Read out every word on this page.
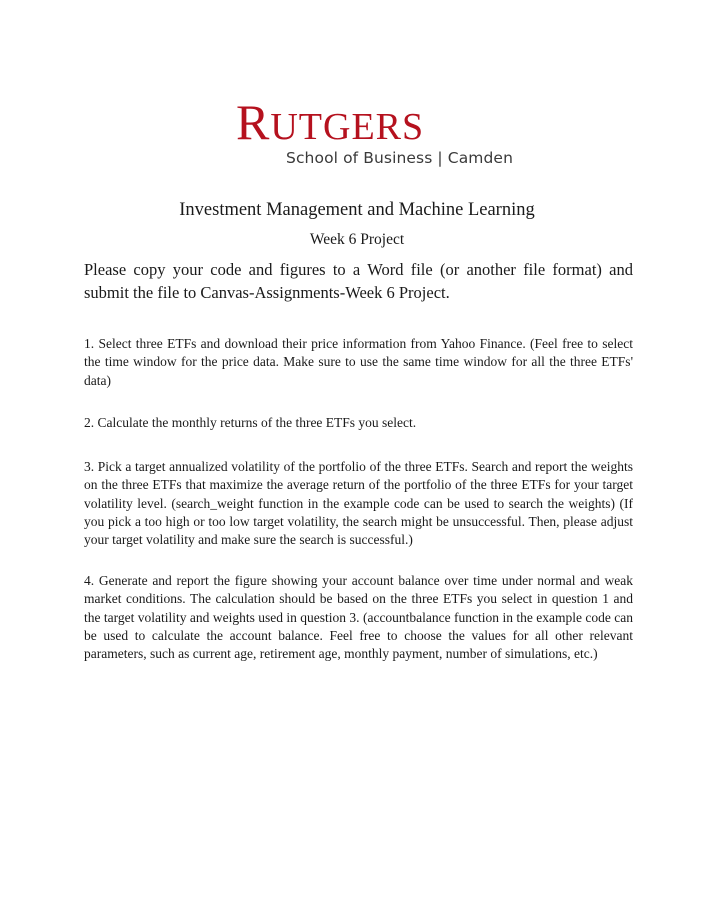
RUTGERS
School of Business | Camden
Investment Management and Machine Learning
Week 6 Project

Please copy your code and figures to a Word file (or another file format) and submit the file to Canvas-Assignments-Week 6 Project.

1. Select three ETFs and download their price information from Yahoo Finance. (Feel free to select the time window for the price data. Make sure to use the same time window for all the three ETFs' data)

2. Calculate the monthly returns of the three ETFs you select.

3. Pick a target annualized volatility of the portfolio of the three ETFs. Search and report the weights on the three ETFs that maximize the average return of the portfolio of the three ETFs for your target volatility level. (search_weight function in the example code can be used to search the weights) (If you pick a too high or too low target volatility, the search might be unsuccessful. Then, please adjust your target volatility and make sure the search is successful.)

4. Generate and report the figure showing your account balance over time under normal and weak market conditions. The calculation should be based on the three ETFs you select in question 1 and the target volatility and weights used in question 3. (accountbalance function in the example code can be used to calculate the account balance. Feel free to choose the values for all other relevant parameters, such as current age, retirement age, monthly payment, number of simulations, etc.)
